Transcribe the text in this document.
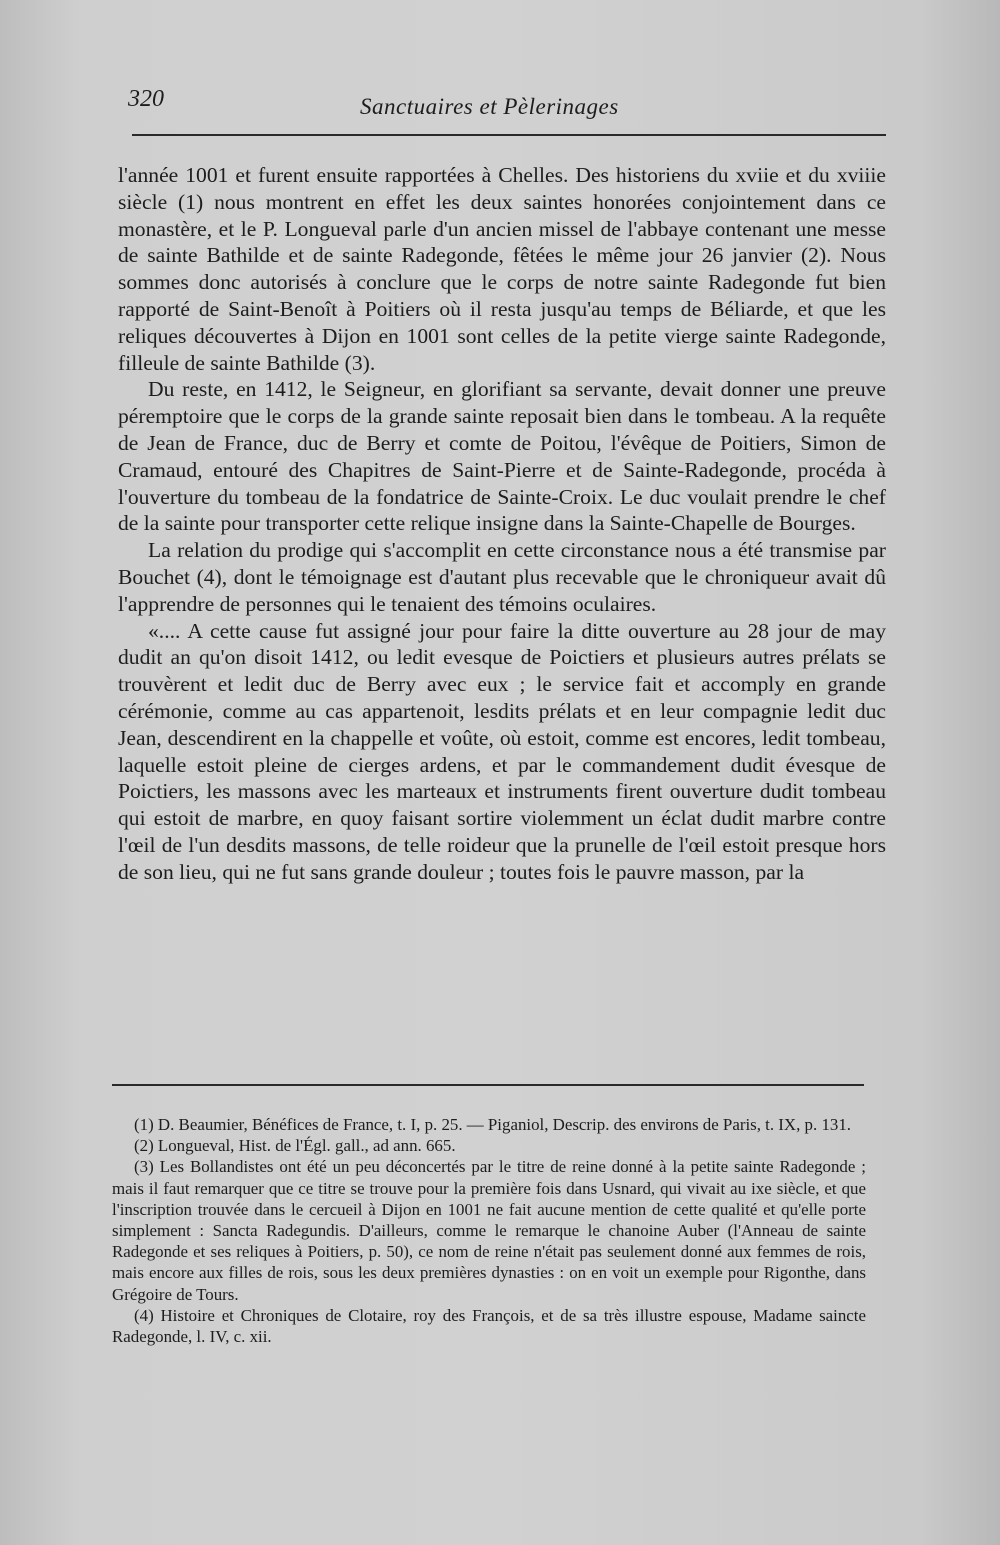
320	Sanctuaires et Pèlerinages

l'année 1001 et furent ensuite rapportées à Chelles. Des historiens du xviie et du xviiie siècle (1) nous montrent en effet les deux saintes honorées conjointement dans ce monastère, et le P. Longueval parle d'un ancien missel de l'abbaye contenant une messe de sainte Bathilde et de sainte Radegonde, fêtées le même jour 26 janvier (2). Nous sommes donc autorisés à conclure que le corps de notre sainte Radegonde fut bien rapporté de Saint-Benoît à Poitiers où il resta jusqu'au temps de Béliarde, et que les reliques découvertes à Dijon en 1001 sont celles de la petite vierge sainte Radegonde, filleule de sainte Bathilde (3).

Du reste, en 1412, le Seigneur, en glorifiant sa servante, devait donner une preuve péremptoire que le corps de la grande sainte reposait bien dans le tombeau. A la requête de Jean de France, duc de Berry et comte de Poitou, l'évêque de Poitiers, Simon de Cramaud, entouré des Chapitres de Saint-Pierre et de Sainte-Radegonde, procéda à l'ouverture du tombeau de la fondatrice de Sainte-Croix. Le duc voulait prendre le chef de la sainte pour transporter cette relique insigne dans la Sainte-Chapelle de Bourges.

La relation du prodige qui s'accomplit en cette circonstance nous a été transmise par Bouchet (4), dont le témoignage est d'autant plus recevable que le chroniqueur avait dû l'apprendre de personnes qui le tenaient des témoins oculaires.

«.... A cette cause fut assigné jour pour faire la ditte ouverture au 28 jour de may dudit an qu'on disoit 1412, ou ledit evesque de Poictiers et plusieurs autres prélats se trouvèrent et ledit duc de Berry avec eux ; le service fait et accomply en grande cérémonie, comme au cas appartenoit, lesdits prélats et en leur compagnie ledit duc Jean, descendirent en la chappelle et voûte, où estoit, comme est encores, ledit tombeau, laquelle estoit pleine de cierges ardens, et par le commandement dudit évesque de Poictiers, les massons avec les marteaux et instruments firent ouverture dudit tombeau qui estoit de marbre, en quoy faisant sortire violemment un éclat dudit marbre contre l'œil de l'un desdits massons, de telle roideur que la prunelle de l'œil estoit presque hors de son lieu, qui ne fut sans grande douleur ; toutes fois le pauvre masson, par la

(1) D. Beaumier, Bénéfices de France, t. I, p. 25. — Piganiol, Descrip. des environs de Paris, t. IX, p. 131.

(2) Longueval, Hist. de l'Égl. gall., ad ann. 665.

(3) Les Bollandistes ont été un peu déconcertés par le titre de reine donné à la petite sainte Radegonde ; mais il faut remarquer que ce titre se trouve pour la première fois dans Usnard, qui vivait au ixe siècle, et que l'inscription trouvée dans le cercueil à Dijon en 1001 ne fait aucune mention de cette qualité et qu'elle porte simplement : Sancta Radegundis. D'ailleurs, comme le remarque le chanoine Auber (l'Anneau de sainte Radegonde et ses reliques à Poitiers, p. 50), ce nom de reine n'était pas seulement donné aux femmes de rois, mais encore aux filles de rois, sous les deux premières dynasties : on en voit un exemple pour Rigonthe, dans Grégoire de Tours.

(4) Histoire et Chroniques de Clotaire, roy des François, et de sa très illustre espouse, Madame saincte Radegonde, l. IV, c. xii.
